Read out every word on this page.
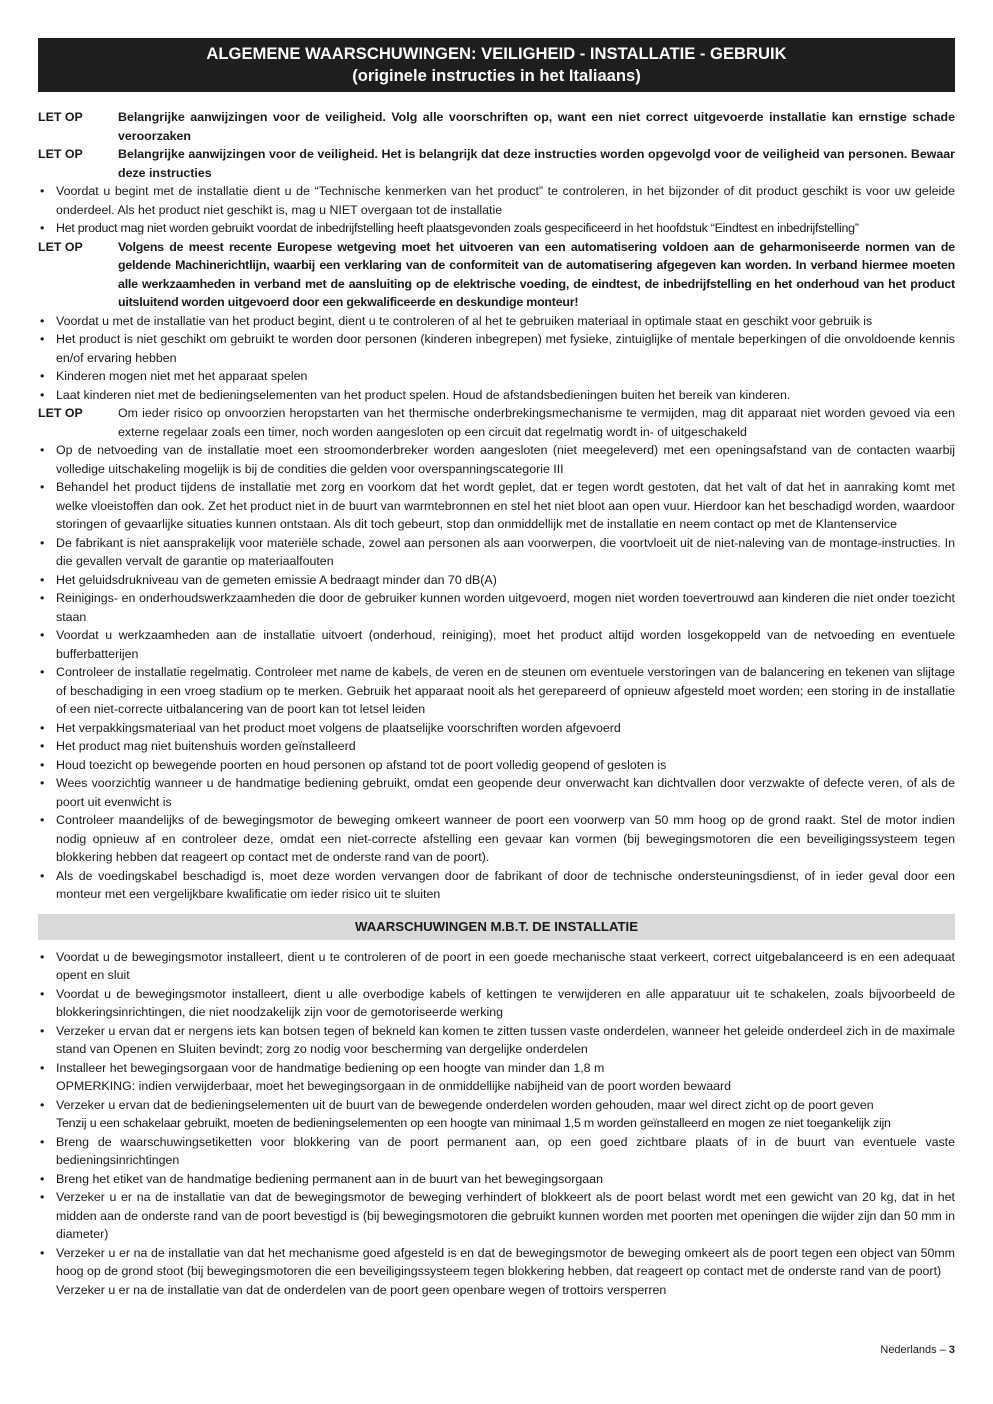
ALGEMENE WAARSCHUWINGEN: VEILIGHEID - INSTALLATIE - GEBRUIK
(originele instructies in het Italiaans)
LET OP	Belangrijke aanwijzingen voor de veiligheid. Volg alle voorschriften op, want een niet correct uitgevoerde installatie kan ernstige schade veroorzaken
LET OP	Belangrijke aanwijzingen voor de veiligheid. Het is belangrijk dat deze instructies worden opgevolgd voor de veiligheid van personen. Bewaar deze instructies
• Voordat u begint met de installatie dient u de “Technische kenmerken van het product” te controleren, in het bijzonder of dit product geschikt is voor uw geleide onderdeel. Als het product niet geschikt is, mag u NIET overgaan tot de installatie
• Het product mag niet worden gebruikt voordat de inbedrijfstelling heeft plaatsgevonden zoals gespecificeerd in het hoofdstuk “Eindtest en inbedrijfstelling”
LET OP	Volgens de meest recente Europese wetgeving moet het uitvoeren van een automatisering voldoen aan de geharmoniseerde normen van de geldende Machinerichtlijn, waarbij een verklaring van de conformiteit van de automatisering afgegeven kan worden. In verband hiermee moeten alle werkzaamheden in verband met de aansluiting op de elektrische voeding, de eindtest, de inbedrijfstelling en het onderhoud van het product uitsluitend worden uitgevoerd door een gekwalificeerde en deskundige monteur!
• Voordat u met de installatie van het product begint, dient u te controleren of al het te gebruiken materiaal in optimale staat en geschikt voor gebruik is
• Het product is niet geschikt om gebruikt te worden door personen (kinderen inbegrepen) met fysieke, zintuiglijke of mentale beperkingen of die onvoldoende kennis en/of ervaring hebben
• Kinderen mogen niet met het apparaat spelen
• Laat kinderen niet met de bedieningselementen van het product spelen. Houd de afstandsbedieningen buiten het bereik van kinderen.
LET OP	Om ieder risico op onvoorzien heropstarten van het thermische onderbrekingsmechanisme te vermijden, mag dit apparaat niet worden gevoed via een externe regelaar zoals een timer, noch worden aangesloten op een circuit dat regelmatig wordt in- of uitgeschakeld
• Op de netvoeding van de installatie moet een stroomonderbreker worden aangesloten (niet meegeleverd) met een openingsafstand van de contacten waarbij volledige uitschakeling mogelijk is bij de condities die gelden voor overspanningscategorie III
• Behandel het product tijdens de installatie met zorg en voorkom dat het wordt geplet, dat er tegen wordt gestoten, dat het valt of dat het in aanraking komt met welke vloeistoffen dan ook. Zet het product niet in de buurt van warmtebronnen en stel het niet bloot aan open vuur. Hierdoor kan het beschadigd worden, waardoor storingen of gevaarlijke situaties kunnen ontstaan. Als dit toch gebeurt, stop dan onmiddellijk met de installatie en neem contact op met de Klantenservice
• De fabrikant is niet aansprakelijk voor materiële schade, zowel aan personen als aan voorwerpen, die voortvloeit uit de niet-naleving van de montage-instructies. In die gevallen vervalt de garantie op materiaalfouten
• Het geluidsdrukniveau van de gemeten emissie A bedraagt minder dan 70 dB(A)
• Reinigings- en onderhoudswerkzaamheden die door de gebruiker kunnen worden uitgevoerd, mogen niet worden toevertrouwd aan kinderen die niet onder toezicht staan
• Voordat u werkzaamheden aan de installatie uitvoert (onderhoud, reiniging), moet het product altijd worden losgekoppeld van de netvoeding en eventuele bufferbatterijen
• Controleer de installatie regelmatig. Controleer met name de kabels, de veren en de steunen om eventuele verstoringen van de balancering en tekenen van slijtage of beschadiging in een vroeg stadium op te merken. Gebruik het apparaat nooit als het gerepareerd of opnieuw afgesteld moet worden; een storing in de installatie of een niet-correcte uitbalancering van de poort kan tot letsel leiden
• Het verpakkingsmateriaal van het product moet volgens de plaatselijke voorschriften worden afgevoerd
• Het product mag niet buitenshuis worden geïnstalleerd
• Houd toezicht op bewegende poorten en houd personen op afstand tot de poort volledig geopend of gesloten is
• Wees voorzichtig wanneer u de handmatige bediening gebruikt, omdat een geopende deur onverwacht kan dichtvallen door verzwakte of defecte veren, of als de poort uit evenwicht is
• Controleer maandelijks of de bewegingsmotor de beweging omkeert wanneer de poort een voorwerp van 50 mm hoog op de grond raakt. Stel de motor indien nodig opnieuw af en controleer deze, omdat een niet-correcte afstelling een gevaar kan vormen (bij bewegingsmotoren die een beveiligingssysteem tegen blokkering hebben dat reageert op contact met de onderste rand van de poort).
• Als de voedingskabel beschadigd is, moet deze worden vervangen door de fabrikant of door de technische ondersteuningsdienst, of in ieder geval door een monteur met een vergelijkbare kwalificatie om ieder risico uit te sluiten
WAARSCHUWINGEN M.B.T. DE INSTALLATIE
• Voordat u de bewegingsmotor installeert, dient u te controleren of de poort in een goede mechanische staat verkeert, correct uitgebalanceerd is en een adequaat opent en sluit
• Voordat u de bewegingsmotor installeert, dient u alle overbodige kabels of kettingen te verwijderen en alle apparatuur uit te schakelen, zoals bijvoorbeeld de blokkeringsinrichtingen, die niet noodzakelijk zijn voor de gemotoriseerde werking
• Verzeker u ervan dat er nergens iets kan botsen tegen of bekneld kan komen te zitten tussen vaste onderdelen, wanneer het geleide onderdeel zich in de maximale stand van Openen en Sluiten bevindt; zorg zo nodig voor bescherming van dergelijke onderdelen
• Installeer het bewegingsorgaan voor de handmatige bediening op een hoogte van minder dan 1,8 m
OPMERKING: indien verwijderbaar, moet het bewegingsorgaan in de onmiddellijke nabijheid van de poort worden bewaard
• Verzeker u ervan dat de bedieningselementen uit de buurt van de bewegende onderdelen worden gehouden, maar wel direct zicht op de poort geven
Tenzij u een schakelaar gebruikt, moeten de bedieningselementen op een hoogte van minimaal 1,5 m worden geïnstalleerd en mogen ze niet toegankelijk zijn
• Breng de waarschuwingsetiketten voor blokkering van de poort permanent aan, op een goed zichtbare plaats of in de buurt van eventuele vaste bedieningsinrichtingen
• Breng het etiket van de handmatige bediening permanent aan in de buurt van het bewegingsorgaan
• Verzeker u er na de installatie van dat de bewegingsmotor de beweging verhindert of blokkeert als de poort belast wordt met een gewicht van 20 kg, dat in het midden aan de onderste rand van de poort bevestigd is (bij bewegingsmotoren die gebruikt kunnen worden met poorten met openingen die wijder zijn dan 50 mm in diameter)
• Verzeker u er na de installatie van dat het mechanisme goed afgesteld is en dat de bewegingsmotor de beweging omkeert als de poort tegen een object van 50mm hoog op de grond stoot (bij bewegingsmotoren die een beveiligingssysteem tegen blokkering hebben, dat reageert op contact met de onderste rand van de poort)
Verzeker u er na de installatie van dat de onderdelen van de poort geen openbare wegen of trottoirs versperren
Nederlands – 3
